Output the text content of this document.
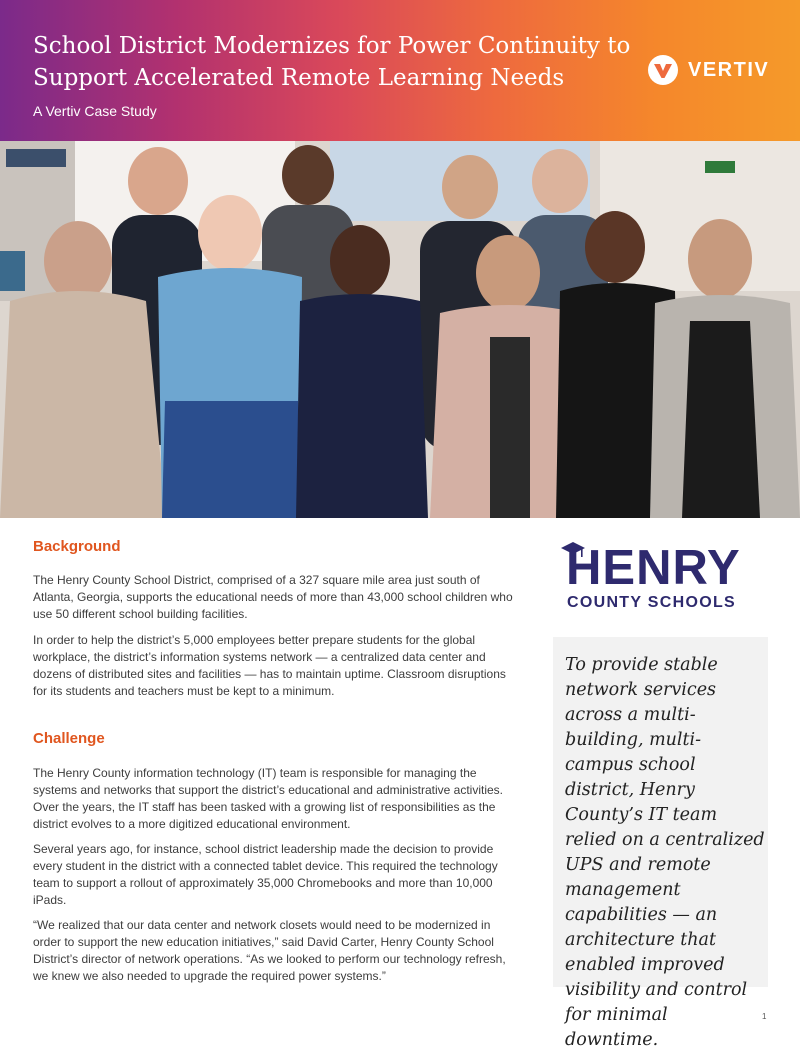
School District Modernizes for Power Continuity to Support Accelerated Remote Learning Needs
A Vertiv Case Study
VERTIV
Background

The Henry County School District, comprised of a 327 square mile area just south of Atlanta, Georgia, supports the educational needs of more than 43,000 school children who use 50 different school building facilities.

In order to help the district’s 5,000 employees better prepare students for the global workplace, the district’s information systems network — a centralized data center and dozens of distributed sites and facilities — has to maintain uptime. Classroom disruptions for its students and teachers must be kept to a minimum.

Challenge

The Henry County information technology (IT) team is responsible for managing the systems and networks that support the district’s educational and administrative activities. Over the years, the IT staff has been tasked with a growing list of responsibilities as the district evolves to a more digitized educational environment.

Several years ago, for instance, school district leadership made the decision to provide every student in the district with a connected tablet device. This required the technology team to support a rollout of approximately 35,000 Chromebooks and more than 10,000 iPads.

“We realized that our data center and network closets would need to be modernized in order to support the new education initiatives,” said David Carter, Henry County School District’s director of network operations. “As we looked to perform our technology refresh, we knew we also needed to upgrade the required power systems.”

HENRY
COUNTY SCHOOLS

To provide stable network services across a multi-building, multi-campus school district, Henry County’s IT team relied on a centralized UPS and remote management capabilities — an architecture that enabled improved visibility and control for minimal downtime.

1
